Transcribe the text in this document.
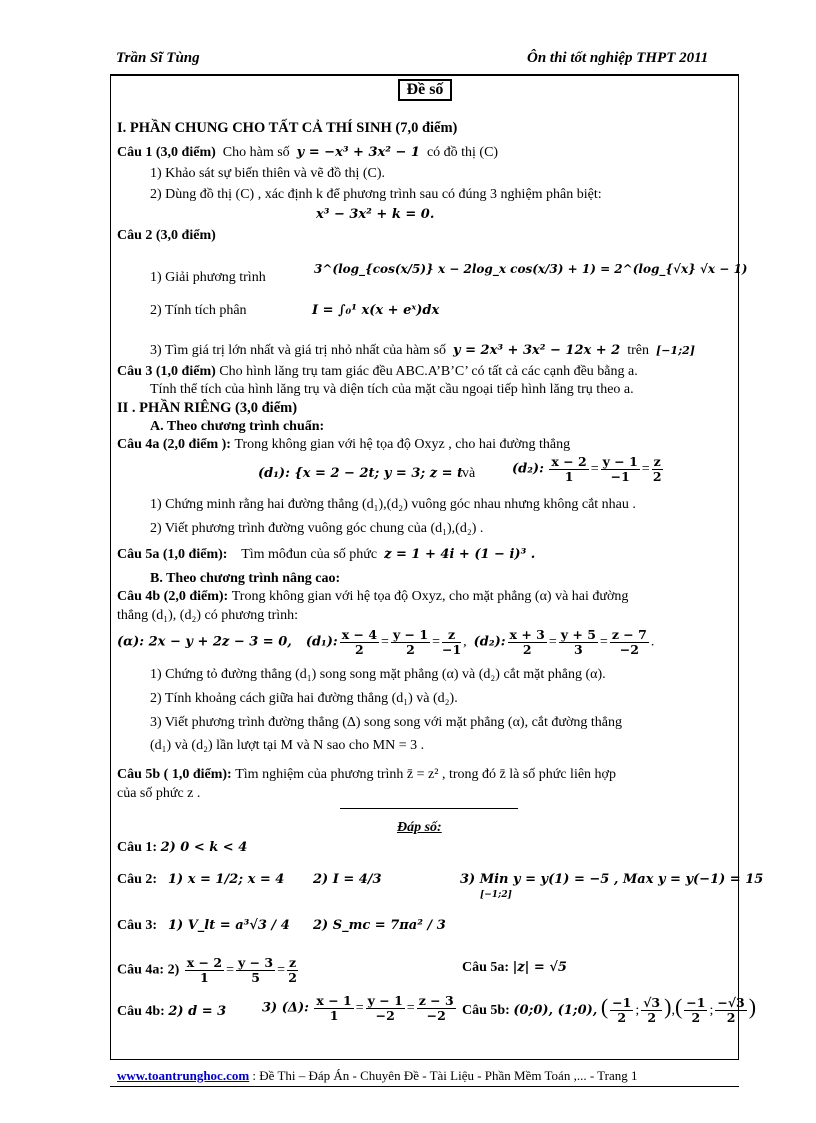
Trần Sĩ Tùng	Ôn thi tốt nghiệp THPT 2011
Đề số
I. PHẦN CHUNG CHO TẤT CẢ THÍ SINH (7,0 điểm)
Câu 1 (3,0 điểm) Cho hàm số y = −x³ + 3x² − 1 có đồ thị (C)
1) Khảo sát sự biến thiên và vẽ đồ thị (C).
2) Dùng đồ thị (C) , xác định k để phương trình sau có đúng 3 nghiệm phân biệt:
x³ − 3x² + k = 0.
Câu 2 (3,0 điểm)
1) Giải phương trình
3^(log_{cos(x/5)} x − 2log_x cos(x/3) + 1) = 2^(log_{√x} √x − 1)
2) Tính tích phân	I = ∫₀¹ x(x + eˣ)dx
3) Tìm giá trị lớn nhất và giá trị nhỏ nhất của hàm số y = 2x³ + 3x² − 12x + 2 trên [−1;2]
Câu 3 (1,0 điểm) Cho hình lăng trụ tam giác đều ABC.A’B’C’ có tất cả các cạnh đều bằng a.
Tính thể tích của hình lăng trụ và diện tích của mặt cầu ngoại tiếp hình lăng trụ theo a.
II . PHẦN RIÊNG (3,0 điểm)
A. Theo chương trình chuẩn:
Câu 4a (2,0 điểm ): Trong không gian với hệ tọa độ Oxyz , cho hai đường thẳng
(d₁): {x = 2 − 2t; y = 3; z = t
và	(d₂): $\frac{x - 2}{1} = \frac{y - 1}{-1} = \frac{z}{2}$
1) Chứng minh rằng hai đường thẳng (d₁),(d₂) vuông góc nhau nhưng không cắt nhau .
2) Viết phương trình đường vuông góc chung của (d₁),(d₂) .
Câu 5a (1,0 điểm): Tìm môđun của số phức z = 1 + 4i + (1 − i)³ .
B. Theo chương trình nâng cao:
Câu 4b (2,0 điểm): Trong không gian với hệ tọa độ Oxyz, cho mặt phẳng (α) và hai đường
thẳng (d₁), (d₂) có phương trình:
(α): 2x − y + 2z − 3 = 0, (d₁): $\frac{x - 4}{2} = \frac{y - 1}{2} = \frac{z}{-1}$ ,  (d₂): $\frac{x + 3}{2} = \frac{y + 5}{3} = \frac{z - 7}{-2}$ .
1) Chứng tỏ đường thẳng (d₁) song song mặt phẳng (α) và (d₂) cắt mặt phẳng (α).
2) Tính khoảng cách giữa hai đường thẳng (d₁) và (d₂).
3) Viết phương trình đường thẳng (Δ) song song với mặt phẳng (α), cắt đường thẳng
(d₁) và (d₂) lần lượt tại M và N sao cho MN = 3 .
Câu 5b ( 1,0 điểm): Tìm nghiệm của phương trình z̄ = z² , trong đó z̄ là số phức liên hợp
của số phức z .
Đáp số:
Câu 1: 2) 0 < k < 4
Câu 2: 1) x = 1/2; x = 4 2) I = 4/3	3) Min y = y(1) = −5 , Max y = y(−1) = 15
[−1;2]
Câu 3: 1) V_lt = a³√3 / 4 2) S_mc = 7πa² / 3
Câu 4a: $2) \frac{x - 2}{1} = \frac{y - 3}{5} = \frac{z}{2}$	Câu 5a: |z| = √5
Câu 4b: 2) d = 3	3) (Δ): $\frac{x - 1}{1} = \frac{y - 1}{-2} = \frac{z - 3}{-2}$ Câu 5b: (0;0), (1;0), ( $\frac{-1}{2}$ ; $\frac{√3}{2}$ ),( $\frac{-1}{2}$ ; $\frac{-√3}{2}$ )
www.toantrunghoc.com : Đề Thi – Đáp Án - Chuyên Đề - Tài Liệu - Phần Mềm Toán ,... - Trang 1
